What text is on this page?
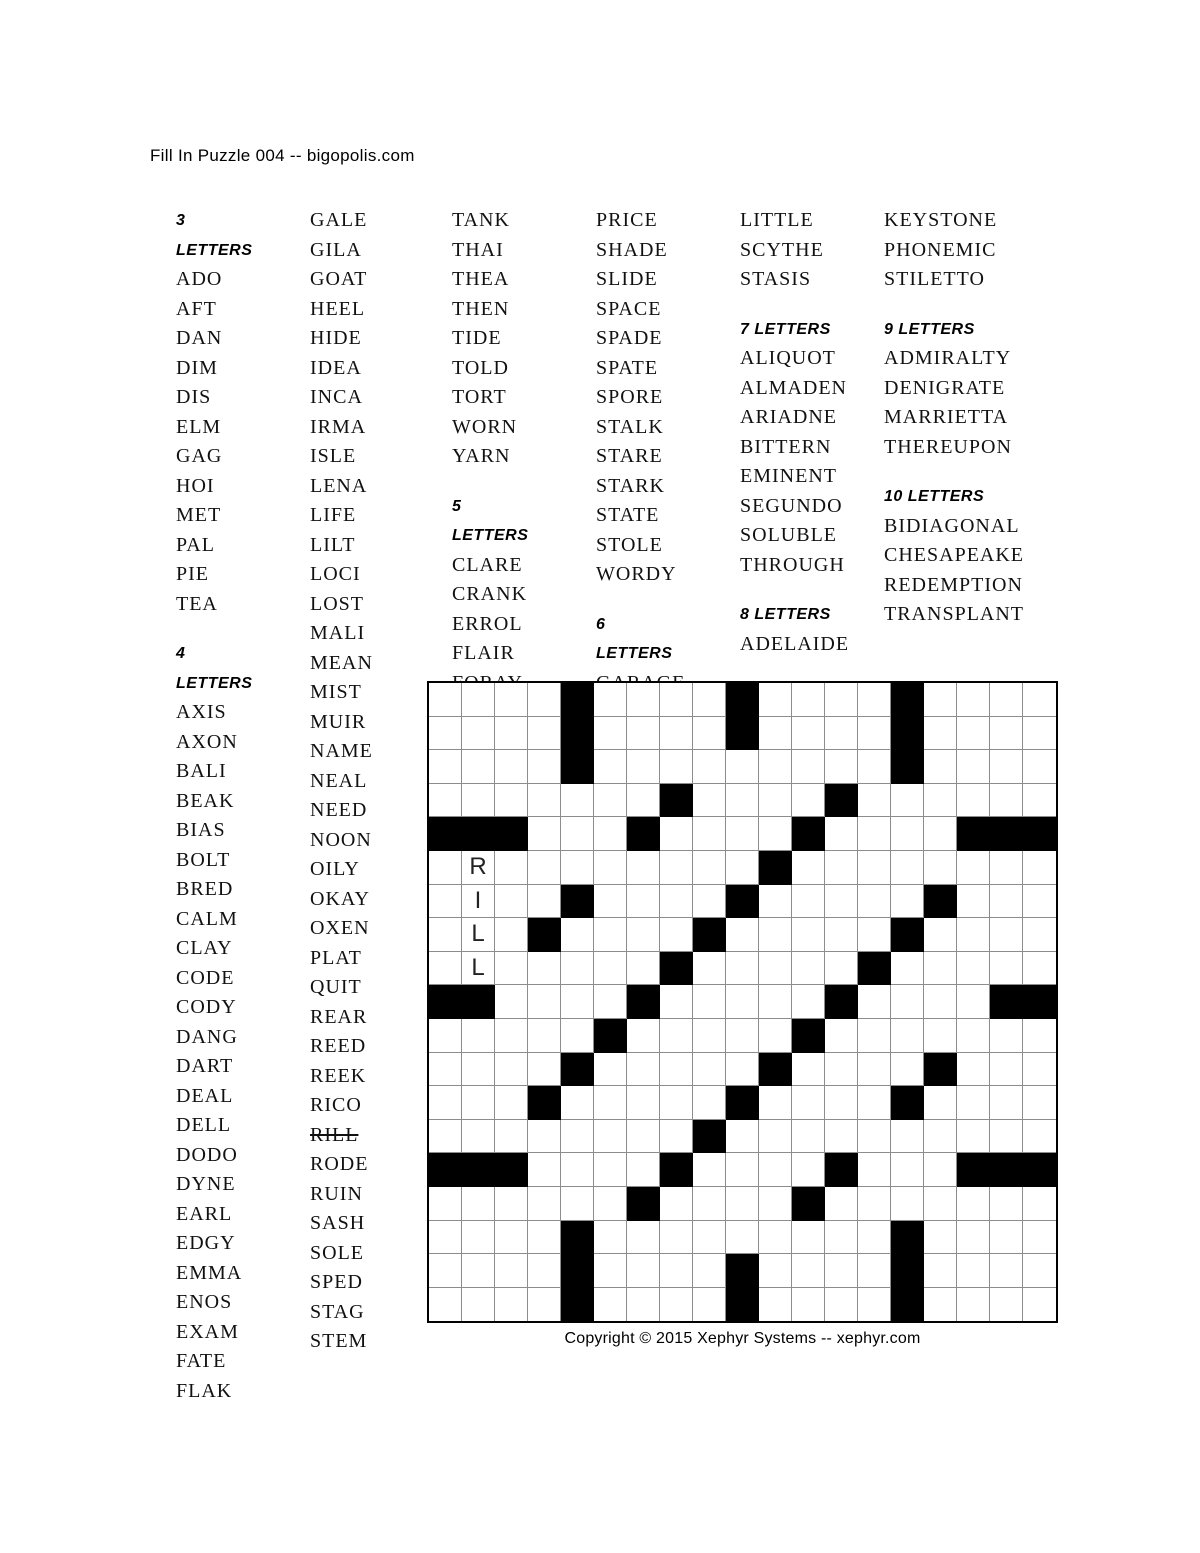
Fill In Puzzle 004 -- bigopolis.com
3 LETTERS
ADO
AFT
DAN
DIM
DIS
ELM
GAG
HOI
MET
PAL
PIE
TEA
4 LETTERS
AXIS
AXON
BALI
BEAK
BIAS
BOLT
BRED
CALM
CLAY
CODE
CODY
DANG
DART
DEAL
DELL
DODO
DYNE
EARL
EDGY
EMMA
ENOS
EXAM
FATE
FLAK
GALE
GILA
GOAT
HEEL
HIDE
IDEA
INCA
IRMA
ISLE
LENA
LIFE
LILT
LOCI
LOST
MALI
MEAN
MIST
MUIR
NAME
NEAL
NEED
NOON
OILY
OKAY
OXEN
PLAT
QUIT
REAR
REED
REEK
RICO
RILL
RODE
RUIN
SASH
SOLE
SPED
STAG
STEM
TANK
THAI
THEA
THEN
TIDE
TOLD
TORT
WORN
YARN
5 LETTERS
CLARE
CRANK
ERROL
FLAIR
PRICE
SHADE
SLIDE
SPACE
SPADE
SPATE
SPORE
STALK
STARE
STARK
STATE
STOLE
WORDY
6 LETTERS
LITTLE
SCYTHE
STASIS
7 LETTERS
ALIQUOT
ALMADEN
ARIADNE
BITTERN
EMINENT
SEGUNDO
SOLUBLE
THROUGH
8 LETTERS
ADELAIDE
KEYSTONE
PHONEMIC
STILETTO
9 LETTERS
ADMIRALTY
DENIGRATE
MARRIETTA
THEREUPON
10 LETTERS
BIDIAGONAL
CHESAPEAKE
REDEMPTION
TRANSPLANT
R
I
L
L
Copyright © 2015 Xephyr Systems -- xephyr.com
